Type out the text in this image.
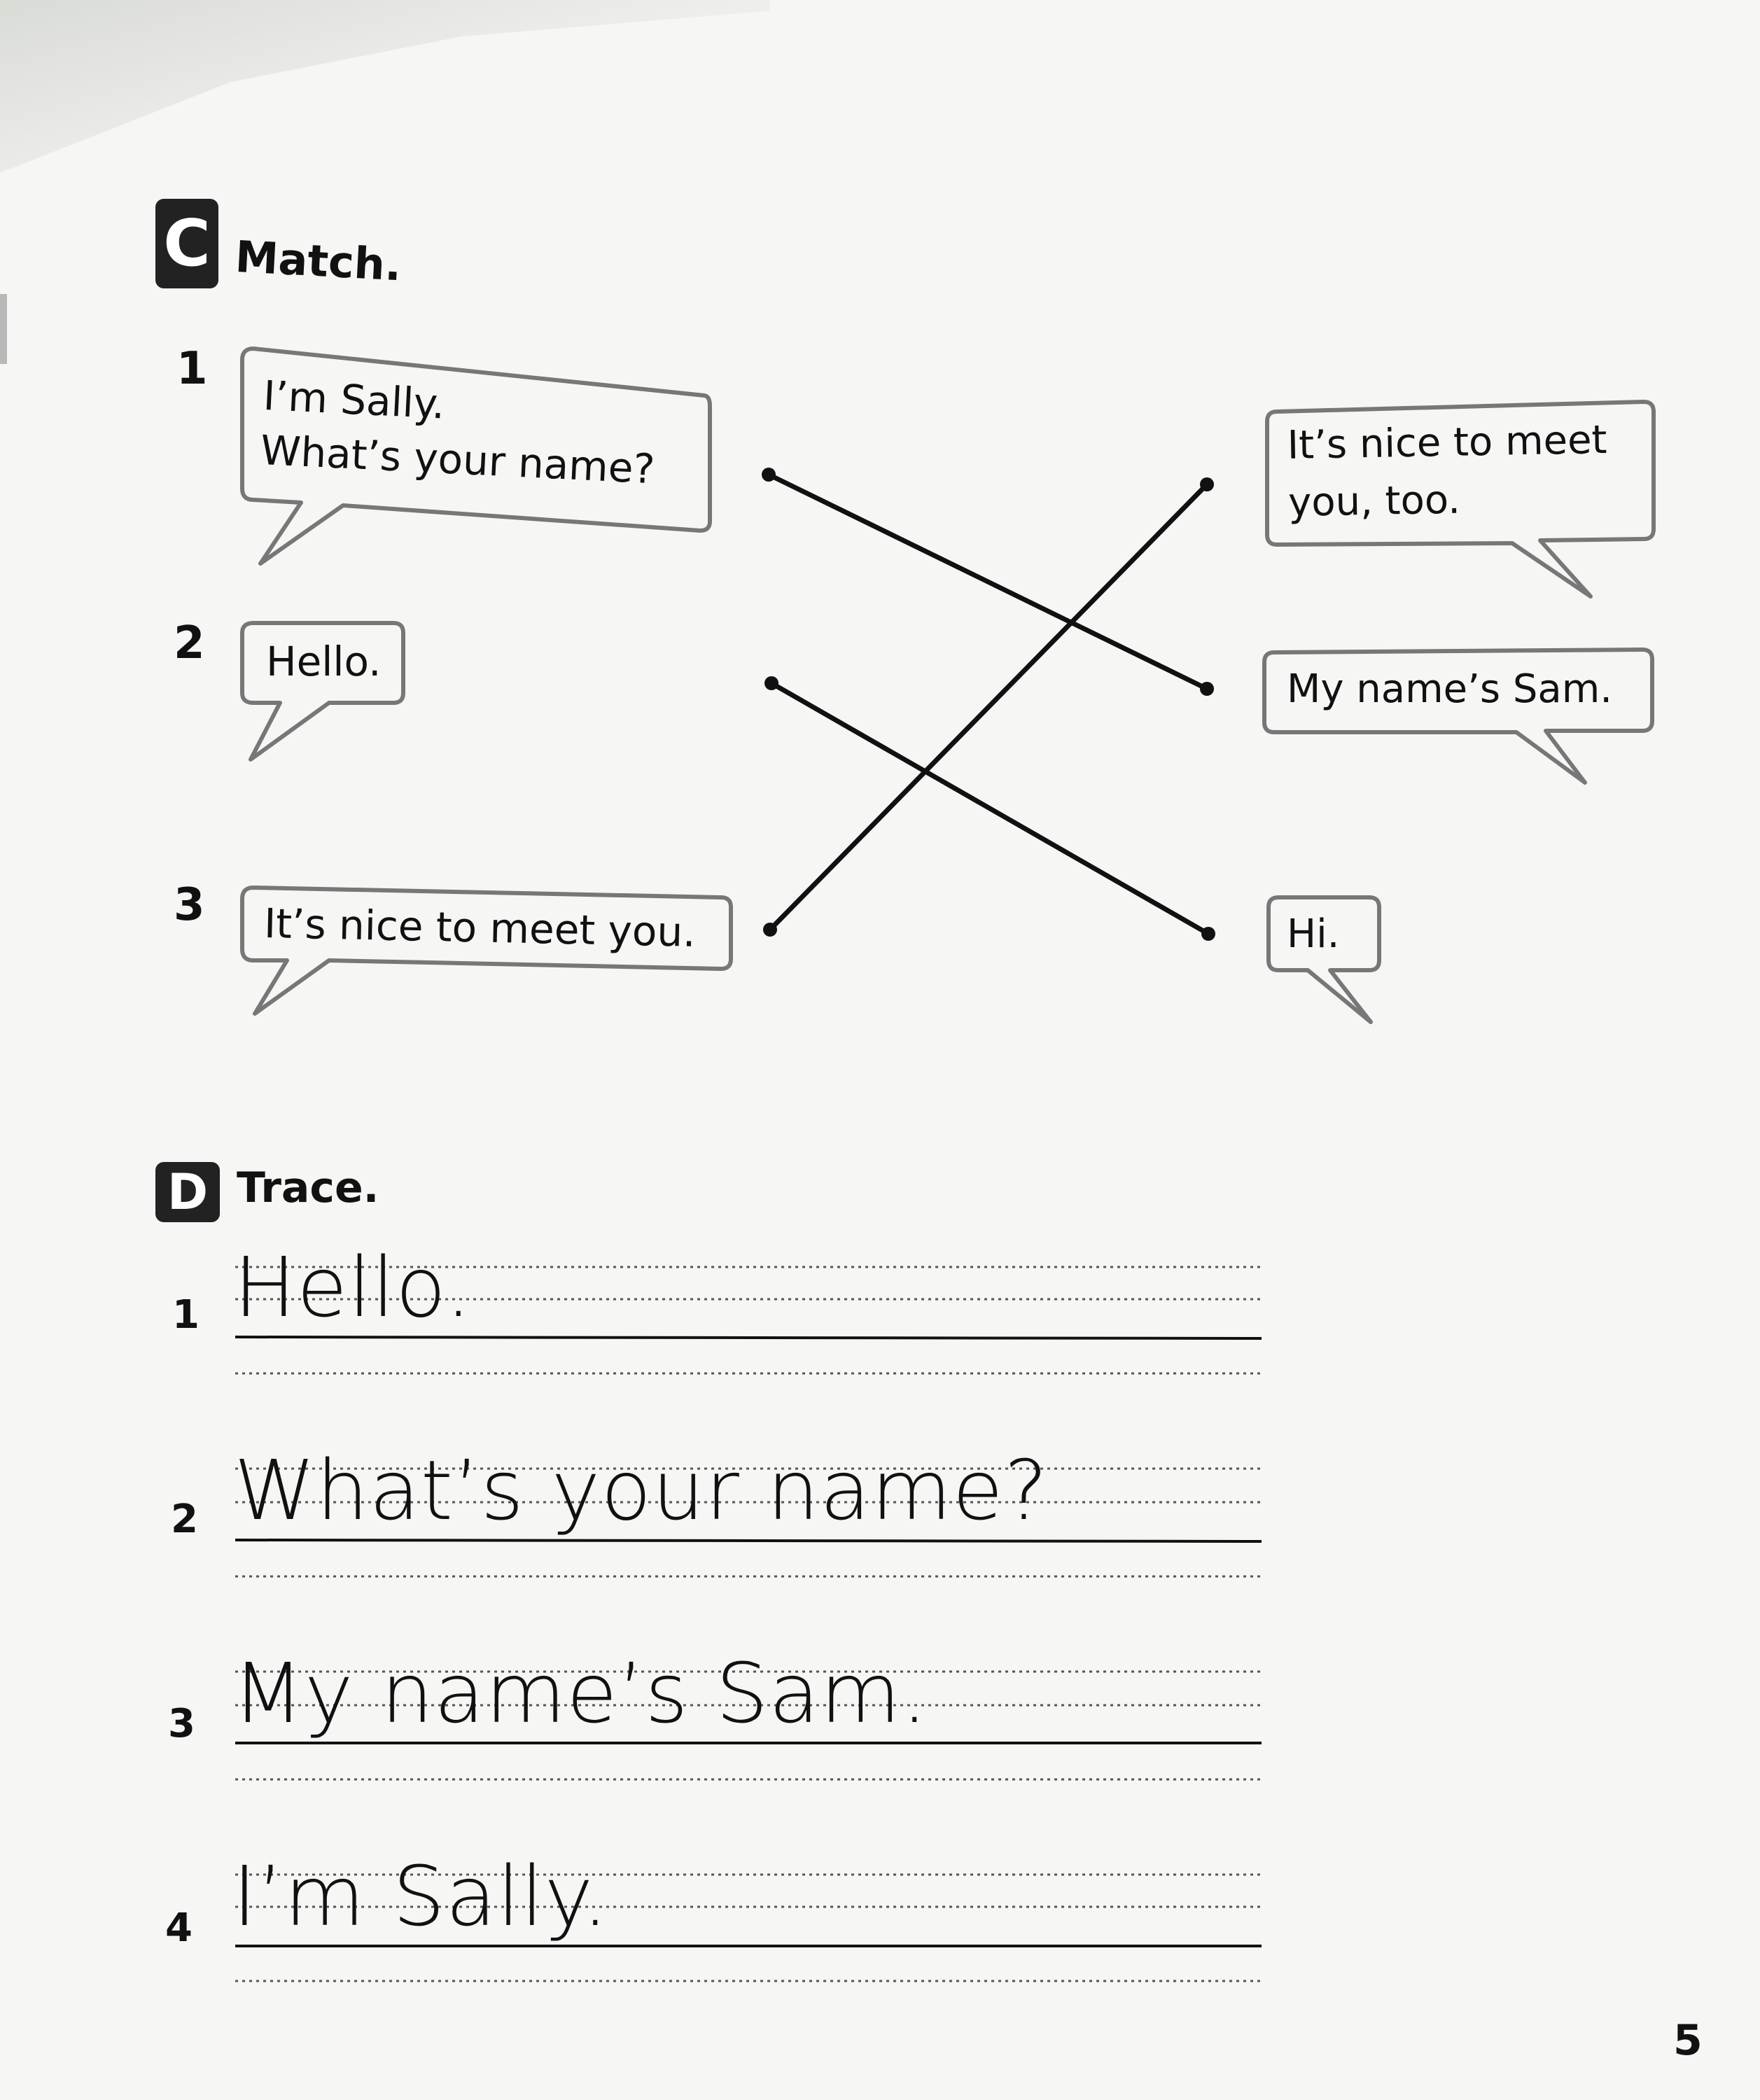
C Match.
1
2
3
I’m Sally.
What’s your name?
Hello.
It’s nice to meet you.
It’s nice to meet
you, too.
My name’s Sam.
Hi.
D Trace.
1
2
3
4
Hello.
What’s your name?
My name’s Sam.
I’m Sally.
5
